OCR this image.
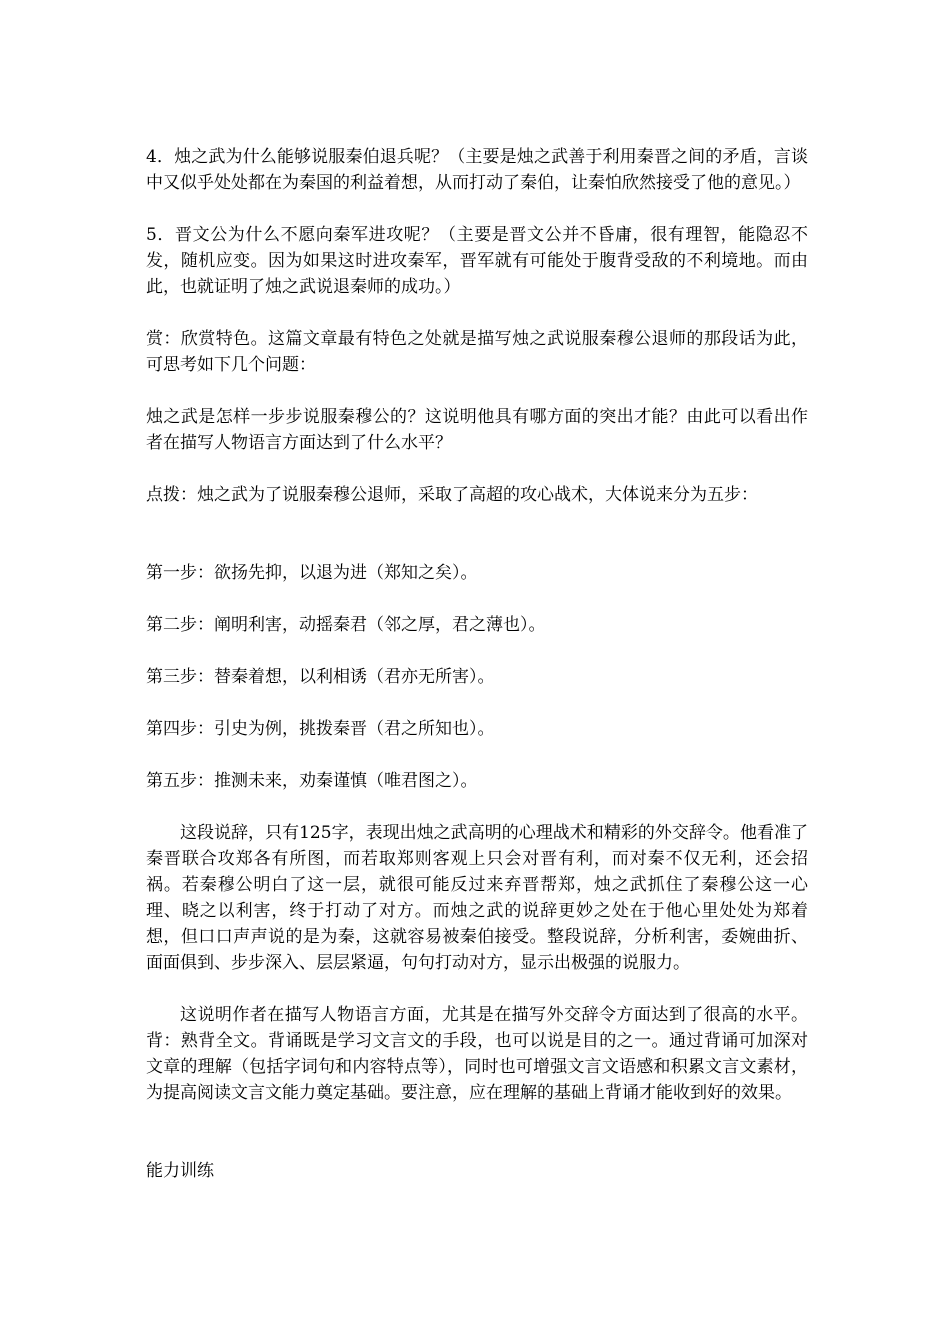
4．烛之武为什么能够说服秦伯退兵呢？（主要是烛之武善于利用秦晋之间的矛盾，言谈中又似乎处处都在为秦国的利益着想，从而打动了秦伯，让秦怕欣然接受了他的意见。）

5．晋文公为什么不愿向秦军进攻呢？（主要是晋文公并不昏庸，很有理智，能隐忍不发，随机应变。因为如果这时进攻秦军，晋军就有可能处于腹背受敌的不利境地。而由此，也就证明了烛之武说退秦师的成功。）

赏：欣赏特色。这篇文章最有特色之处就是描写烛之武说服秦穆公退师的那段话为此，可思考如下几个问题：

烛之武是怎样一步步说服秦穆公的？这说明他具有哪方面的突出才能？由此可以看出作者在描写人物语言方面达到了什么水平？

点拨：烛之武为了说服秦穆公退师，采取了高超的攻心战术，大体说来分为五步：

第一步：欲扬先抑，以退为进（郑知之矣）。

第二步：阐明利害，动摇秦君（邻之厚，君之薄也）。

第三步：替秦着想，以利相诱（君亦无所害）。

第四步：引史为例，挑拨秦晋（君之所知也）。

第五步：推测未来，劝秦谨慎（唯君图之）。

这段说辞，只有125字，表现出烛之武高明的心理战术和精彩的外交辞令。他看准了秦晋联合攻郑各有所图，而若取郑则客观上只会对晋有利，而对秦不仅无利，还会招祸。若秦穆公明白了这一层，就很可能反过来弃晋帮郑，烛之武抓住了秦穆公这一心理、晓之以利害，终于打动了对方。而烛之武的说辞更妙之处在于他心里处处为郑着想，但口口声声说的是为秦，这就容易被秦伯接受。整段说辞，分析利害，委婉曲折、面面俱到、步步深入、层层紧逼，句句打动对方，显示出极强的说服力。

这说明作者在描写人物语言方面，尤其是在描写外交辞令方面达到了很高的水平。 背：熟背全文。背诵既是学习文言文的手段，也可以说是目的之一。通过背诵可加深对文章的理解（包括字词句和内容特点等），同时也可增强文言文语感和积累文言文素材，为提高阅读文言文能力奠定基础。要注意，应在理解的基础上背诵才能收到好的效果。

能力训练
